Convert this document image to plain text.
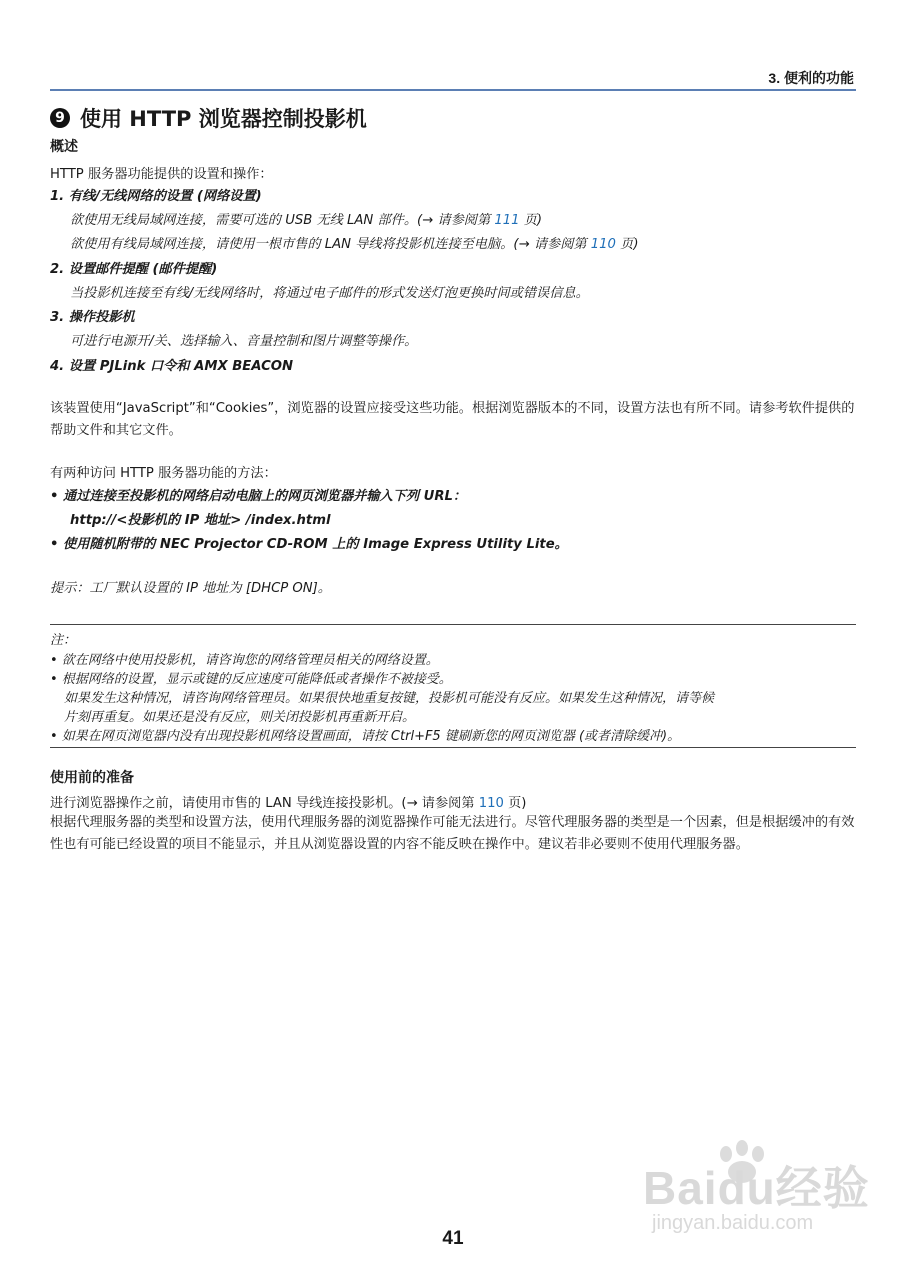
3. 便利的功能
9 使用 HTTP 浏览器控制投影机
概述
HTTP 服务器功能提供的设置和操作：
1. 有线/无线网络的设置 (网络设置)
欲使用无线局域网连接，需要可选的 USB 无线 LAN 部件。(→ 请参阅第 111 页)
欲使用有线局域网连接，请使用一根市售的 LAN 导线将投影机连接至电脑。(→ 请参阅第 110 页)
2. 设置邮件提醒 (邮件提醒)
当投影机连接至有线/无线网络时，将通过电子邮件的形式发送灯泡更换时间或错误信息。
3. 操作投影机
可进行电源开/关、选择输入、音量控制和图片调整等操作。
4. 设置 PJLink 口令和 AMX BEACON
该装置使用“JavaScript”和“Cookies”，浏览器的设置应接受这些功能。根据浏览器版本的不同，设置方法也有所不同。请参考软件提供的帮助文件和其它文件。
有两种访问 HTTP 服务器功能的方法：
• 通过连接至投影机的网络启动电脑上的网页浏览器并输入下列 URL：
http://<投影机的 IP 地址> /index.html
• 使用随机附带的 NEC Projector CD-ROM 上的 Image Express Utility Lite。
提示：工厂默认设置的 IP 地址为 [DHCP ON]。
注：
• 欲在网络中使用投影机，请咨询您的网络管理员相关的网络设置。
• 根据网络的设置，显示或键的反应速度可能降低或者操作不被接受。
如果发生这种情况，请咨询网络管理员。如果很快地重复按键，投影机可能没有反应。如果发生这种情况，请等候
片刻再重复。如果还是没有反应，则关闭投影机再重新开启。
• 如果在网页浏览器内没有出现投影机网络设置画面，请按 Ctrl+F5 键刷新您的网页浏览器 (或者清除缓冲)。
使用前的准备
进行浏览器操作之前，请使用市售的 LAN 导线连接投影机。(→ 请参阅第 110 页)
根据代理服务器的类型和设置方法，使用代理服务器的浏览器操作可能无法进行。尽管代理服务器的类型是一个因素，但是根据缓冲的有效性也有可能已经设置的项目不能显示，并且从浏览器设置的内容不能反映在操作中。建议若非必要则不使用代理服务器。
Baidu经验
jingyan.baidu.com
41
